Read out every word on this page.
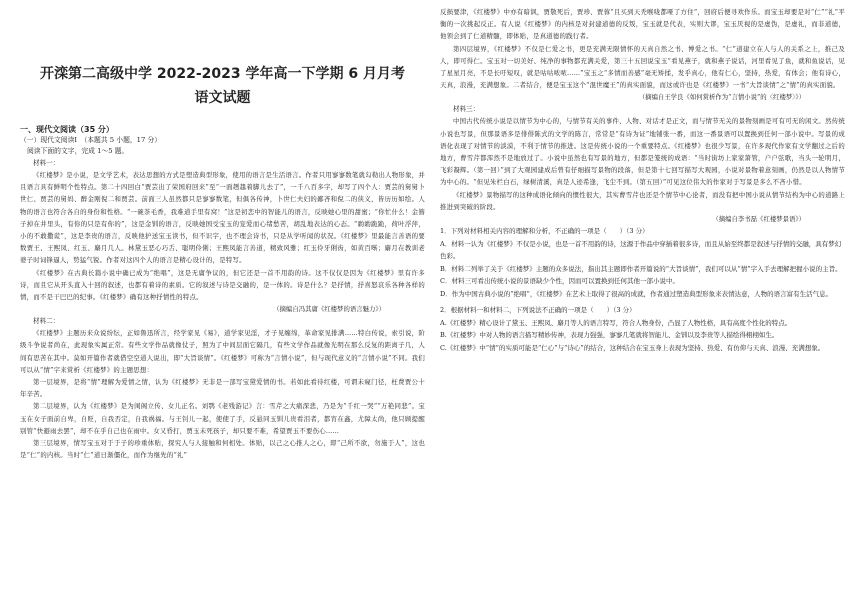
开滦第二高级中学 2022-2023 学年高一下学期 6 月月考
语文试题
一、现代文阅读（35 分）

（一）现代文阅读Ⅰ　（本题共 5 小题，17 分）

阅读下面的文字，完成 1～5 题。

材料一：

《红楼梦》是小说，是文学艺术，表达思想的方式是塑造典型形象，使用的语言是生活语言。作者只用寥寥数笔就勾勒出人物形象，并且语言具有鲜明个性特点。第二十四回白“贾芸出了荣国府回来”至“一面趔趄着脚儿去了”，一千八百多字，却写了四个人：贾芸的舅舅卜世仁、贾芸的舅妈、醉金刚倪二和贾芸。前面三人虽然都只是寥寥数笔，但俱各传神，卜世仁夫妇的鄙吝和倪二的侠义，皆历历如绘。人物的语言也符合各自的身份和性格。“一碗茶毛香，我难道手里有窝！”这是初恋中的智能儿的语言，反映她心里的甜蜜；“你忙什么！金簪子掉在井里头，有你的只是有你的”，这是金钏的语言，反映她国受宝玉的宠爱而心绪愁苦，胡乱地表达的心态。“喲喲跪跪，荷叶浮萍，小的不敢撒谎”，这是李贵的语言，反映他护送宝玉读书，但不识字，也不理会诗书，只是从学听闻的状况。《红楼梦》里最能言善语的要数贾王、王熙凤、红玉、麝月几人。林黛玉恶心巧舌、聪明伶俐；王熙凤能言善道，精致风雅；红玉伶牙俐齿，如黄百啭；麝月在教训老婆子时词锋逼人，势猛气锐。作者对这四个人的语言是精心设计的，是特写。

《红楼梦》在古典长篇小说中确已成为“绝唱”，这是无庸争议的，但它还是一首不用韵的诗。这不仅仅是因为《红楼梦》里有许多诗，而且它从开头直入十回的叙述，也都有着诗的素质。它的叙述与诗是交融的，是一体的。诗是什么？是抒情，抒喜怒哀乐各种各样的情，而不是干巴巴的纪事。《红楼梦》确有这种抒情性的特点。

（摘编自冯其庸《红楼梦的语言魅力》）

材料二：

《红楼梦》主题历来众说纷纭，正如鲁迅所言，经学家见《易》，道学家见淫，才子见缠绵，革命家见排满……特白传说，索引说，阶级斗争说者尚在，此现象实属正常。有些文学作品就像仗子，照为了中间层面它隔几，有些文学作品就像光明在那么反复的距离子几，人间有思苦在其中。莫如开篇作者就借空空道人说出，即“大旨谈情”。《红楼梦》可称为“言情小说”，但与现代意义的“言情小说”不同。我们可以从“情”字来赏析《红楼梦》的主题思想：

第一层境界，是将“情”理解为爱情之情，认为《红楼梦》无非是一部写宝黛爱情的书。若如此看待红楼，可谓未窥门径，枉费贾公十年辛苦。

第二层境界，认为《红楼梦》是为闺阁立传、女儿正名。刘鹗《老残游记》言：雪芹之大痛深悲，乃是为“千红一哭”“万艳同悲”。宝玉在女子面前自卑，自贬，自我否定，自我祸福。与王钊儿一起，使使了手，反悬同玉钏儿贵看泪者，都宵在鑫，尤障太尚，他只顾提醒别管“快避雨去罢”，却不在乎自己也在雨中。女又昏打，贾玉未死孩子，却只要不难，希望贾玉不要伤心……

第三层境界，情写宝玉对于于子的珍重体贴，探究人与人接触和何相处。体贴，以己之心推人之心，即“己所不欲，勿施于人”，这也是“仁”的内核。当时“仁”道日渐僵化，而作为继先的“礼”

反损要津，《红楼梦》中亦有暗讽，贾敬死后，贾珍、贾蓉“且买到天秃喉咙都哑了方住”，回府后便寻欢作乐。而宝玉却要是对“仁”“礼”平衡的一次挑起反正。有人说《红楼梦》的内核是对封建道德的反叛，宝玉就是代表，实则大谬，宝玉厌视的是虚伪，是虚礼，而非道德，他领会到了仁道精髓，即体贴，是真道德的践行者。

第四层境界，《红楼梦》不仅是仁爱之书，更是充满无限情怀的天真自然之书、博爱之书。“仁”道建立在人与人的关系之上，推己及人，即可得仁。宝玉对一切美好、纯净的事物都充满关爱，第三十五回说宝玉“看见燕子，就和燕子说话，河里看见了鱼，就和鱼说话，见了星星月亮，不是长吁短叹，就是咕咕哝哝……”宝玉之“多情而善感”毫无矫揉，发乎真心，他有仁心，坚持，热爱，有体会；他有诗心，天真，浪漫，充满想象。二者结合，便是宝玉这个“混世魔王”的真实面貌，而这或许也是《红楼梦》一书“大旨谈情”之“情”的真实面貌。

（摘编自王学良《如何赏析作为“言情小说”的〈红楼梦〉》）

材料三：

中国古代传统小说是以情节为中心的，与情节有关的事件、人物、对话才是正文，而与情节无关的景物刻画是可有可无的闲文。然传统小说也写景，但那景语多是俳俳陈式的文学的陈言，常常是“有诗为证”地铺张一番，而这一番景语可以置换到任何一部小说中。写景的成语化表现了对情节的淡漠，不利于情节的推进。这是传统小说的一个重要特点。《红楼梦》也很少写景，在许多现代作家有文学翻过之后的地方，曹雪芹都浑然不是地放过了。小说中虽然也有写景的地方，但都是笼统的成语：“当时街坊上家家箫管，户户弦歌，当头一轮明月，飞彩凝辉。（第一回）”到了大观园建成后曾有仔细描写景物的段落，但是第十七回写描写大观园，小说对景物着意刻画，仍然是以人物情节为中心的。“但见朱栏白石，绿树清溪，真是人迹希逢，飞尘不到。（第五回）”可见这位伟大的作家对于写景是多么不吝小惜。

《红楼梦》景物描写的这种成语化倾向的惯性很大，其实曹雪芹也还是个情节中心论者，而没有把中国小说从情节结构为中心的道路上推进到突破的阶段。

（摘编自李书磊《红楼梦景语》）

1．下列对材料相关内容的理解和分析，不正确的一项是（　　）（3 分）

A．材料一认为《红楼梦》不仅是小说，也是一首不用韵的诗，这源于作品中穿插着很多诗，而且从始至终都是叙述与抒情的交融，具有梦幻色彩。

B．材料二列举了关于《红楼梦》主题的众多说法，指出其主题即作者开篇说的“大旨谈情”，我们可以从“情”字入手去理解把握小说的主旨。

C．材料三可看出传统小说的景语缺少个性，因而可以置换到任何其他一部小说中。

D．作为中国古典小说的“绝唱”，《红楼梦》在艺术上取得了很高的成就，作者通过塑造典型形象来表情达意，人物的语言富有生活气息。

2．根据材料一和材料二，下列说法不正确的一项是（　　）（3 分）

A.《红楼梦》精心设计了黛玉、王熙凤、麝月等人的语言特写，符合人物身份，凸显了人物性格，具有高度个性化的特点。

B.《红楼梦》中对人物的语言描写精妙传神，表现力强强，寥寥几笔就将智能儿、金钏以及李贵等人描绘得栩栩如生。

C.《红楼梦》中“情”的实质可能是“仁心”与“诗心”的结合，这种结合在宝玉身上表现为坚持、热爱、有仿仰与天真、浪漫、充满想象。
